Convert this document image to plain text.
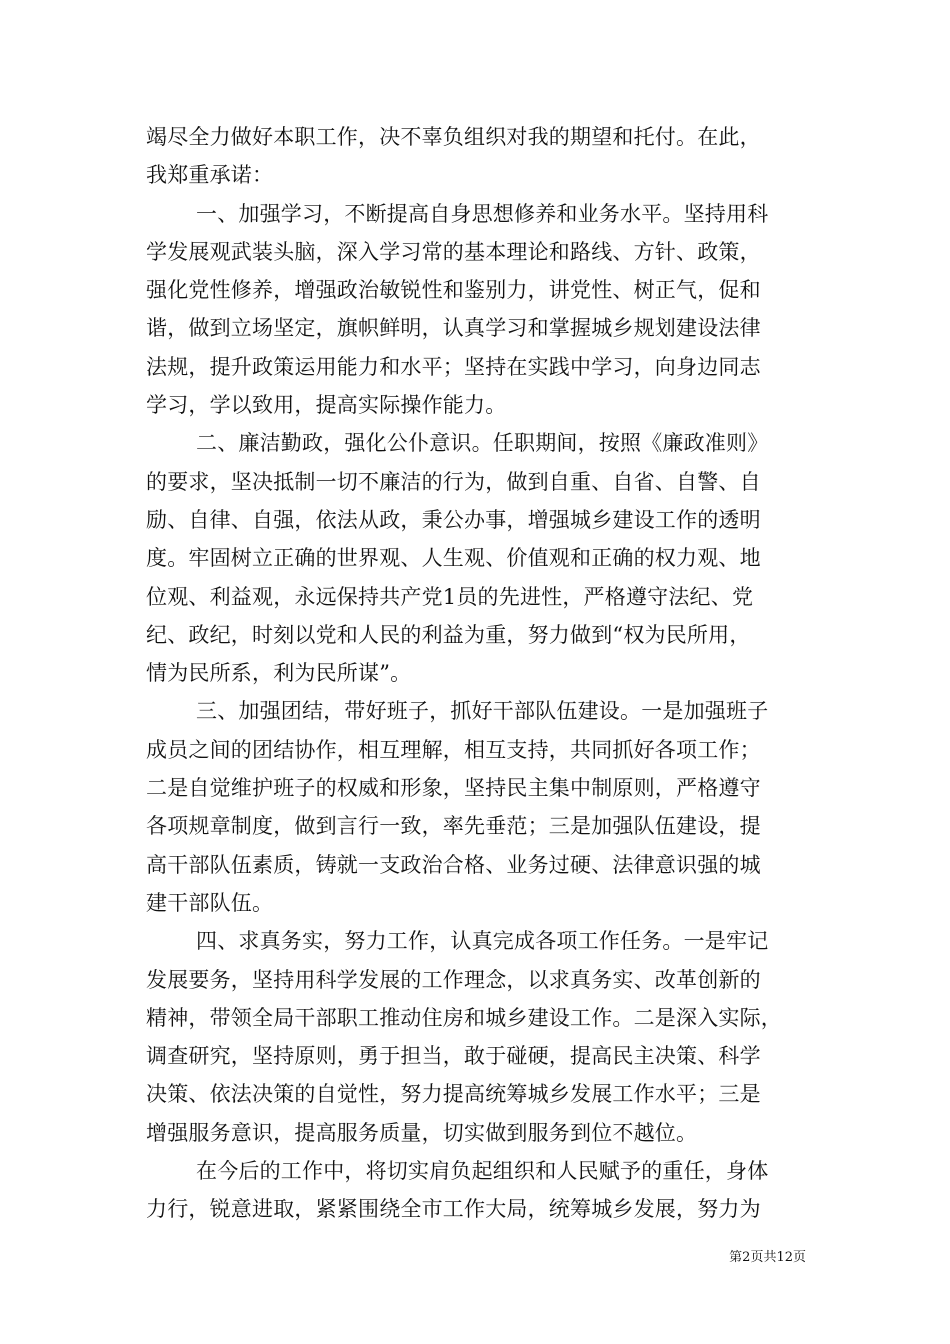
竭尽全力做好本职工作，决不辜负组织对我的期望和托付。在此，
我郑重承诺：
一、加强学习，不断提高自身思想修养和业务水平。坚持用科
学发展观武装头脑，深入学习常的基本理论和路线、方针、政策，
强化党性修养，增强政治敏锐性和鉴别力，讲党性、树正气，促和
谐，做到立场坚定，旗帜鲜明，认真学习和掌握城乡规划建设法律
法规，提升政策运用能力和水平；坚持在实践中学习，向身边同志
学习，学以致用，提高实际操作能力。
二、廉洁勤政，强化公仆意识。任职期间，按照《廉政准则》
的要求，坚决抵制一切不廉洁的行为，做到自重、自省、自警、自
励、自律、自强，依法从政，秉公办事，增强城乡建设工作的透明
度。牢固树立正确的世界观、人生观、价值观和正确的权力观、地
位观、利益观，永远保持共产党1员的先进性，严格遵守法纪、党
纪、政纪，时刻以党和人民的利益为重，努力做到“权为民所用，
情为民所系，利为民所谋”。
三、加强团结，带好班子，抓好干部队伍建设。一是加强班子
成员之间的团结协作，相互理解，相互支持，共同抓好各项工作；
二是自觉维护班子的权威和形象，坚持民主集中制原则，严格遵守
各项规章制度，做到言行一致，率先垂范；三是加强队伍建设，提
高干部队伍素质，铸就一支政治合格、业务过硬、法律意识强的城
建干部队伍。
四、求真务实，努力工作，认真完成各项工作任务。一是牢记
发展要务，坚持用科学发展的工作理念，以求真务实、改革创新的
精神，带领全局干部职工推动住房和城乡建设工作。二是深入实际，
调查研究，坚持原则，勇于担当，敢于碰硬，提高民主决策、科学
决策、依法决策的自觉性，努力提高统筹城乡发展工作水平；三是
增强服务意识，提高服务质量，切实做到服务到位不越位。
在今后的工作中，将切实肩负起组织和人民赋予的重任，身体
力行，锐意进取，紧紧围绕全市工作大局，统筹城乡发展，努力为
第2页共12页
